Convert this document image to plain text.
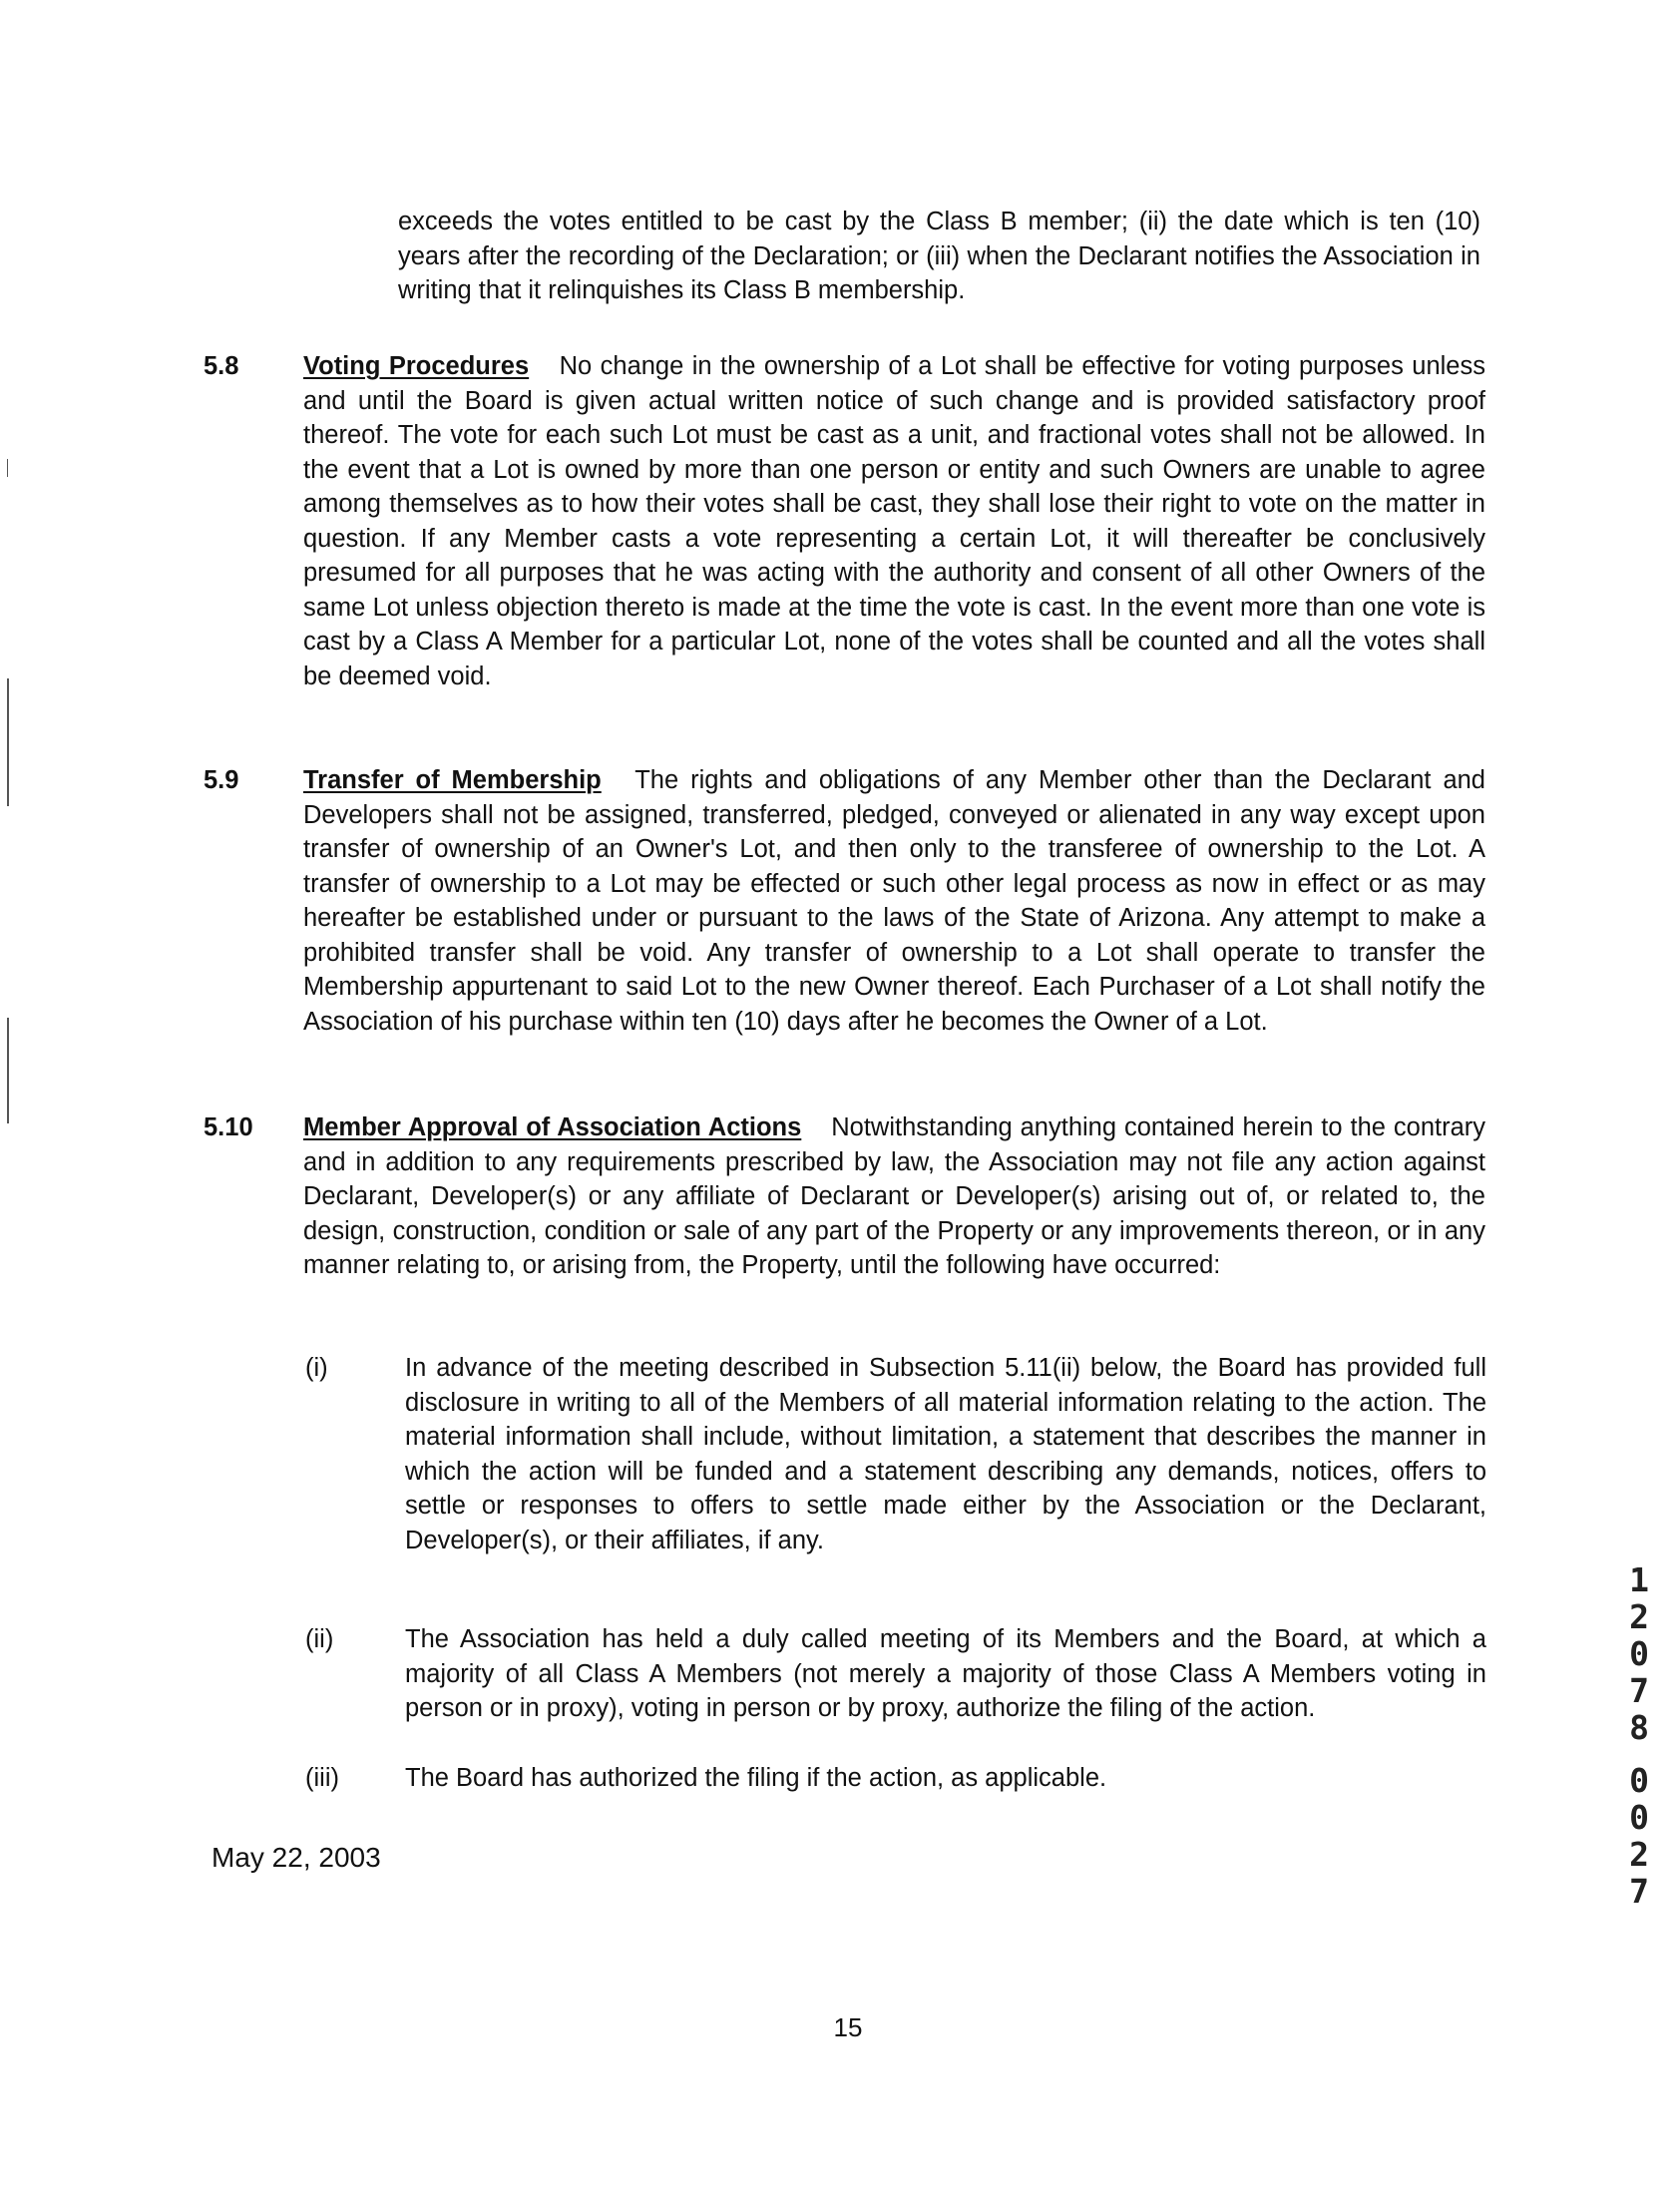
exceeds the votes entitled to be cast by the Class B member; (ii) the date which is ten (10) years after the recording of the Declaration; or (iii) when the Declarant notifies the Association in writing that it relinquishes its Class B membership.

5.8	Voting Procedures No change in the ownership of a Lot shall be effective for voting purposes unless and until the Board is given actual written notice of such change and is provided satisfactory proof thereof. The vote for each such Lot must be cast as a unit, and fractional votes shall not be allowed. In the event that a Lot is owned by more than one person or entity and such Owners are unable to agree among themselves as to how their votes shall be cast, they shall lose their right to vote on the matter in question. If any Member casts a vote representing a certain Lot, it will thereafter be conclusively presumed for all purposes that he was acting with the authority and consent of all other Owners of the same Lot unless objection thereto is made at the time the vote is cast. In the event more than one vote is cast by a Class A Member for a particular Lot, none of the votes shall be counted and all the votes shall be deemed void.

5.9	Transfer of Membership The rights and obligations of any Member other than the Declarant and Developers shall not be assigned, transferred, pledged, conveyed or alienated in any way except upon transfer of ownership of an Owner's Lot, and then only to the transferee of ownership to the Lot. A transfer of ownership to a Lot may be effected or such other legal process as now in effect or as may hereafter be established under or pursuant to the laws of the State of Arizona. Any attempt to make a prohibited transfer shall be void. Any transfer of ownership to a Lot shall operate to transfer the Membership appurtenant to said Lot to the new Owner thereof. Each Purchaser of a Lot shall notify the Association of his purchase within ten (10) days after he becomes the Owner of a Lot.

5.10 Member Approval of Association Actions Notwithstanding anything contained herein to the contrary and in addition to any requirements prescribed by law, the Association may not file any action against Declarant, Developer(s) or any affiliate of Declarant or Developer(s) arising out of, or related to, the design, construction, condition or sale of any part of the Property or any improvements thereon, or in any manner relating to, or arising from, the Property, until the following have occurred:

(i)	In advance of the meeting described in Subsection 5.11(ii) below, the Board has provided full disclosure in writing to all of the Members of all material information relating to the action. The material information shall include, without limitation, a statement that describes the manner in which the action will be funded and a statement describing any demands, notices, offers to settle or responses to offers to settle made either by the Association or the Declarant, Developer(s), or their affiliates, if any.

(ii)	The Association has held a duly called meeting of its Members and the Board, at which a majority of all Class A Members (not merely a majority of those Class A Members voting in person or in proxy), voting in person or by proxy, authorize the filing of the action.

(iii)	The Board has authorized the filing if the action, as applicable.

May 22, 2003
15
1
2
0
7
8
0
0
2
7
